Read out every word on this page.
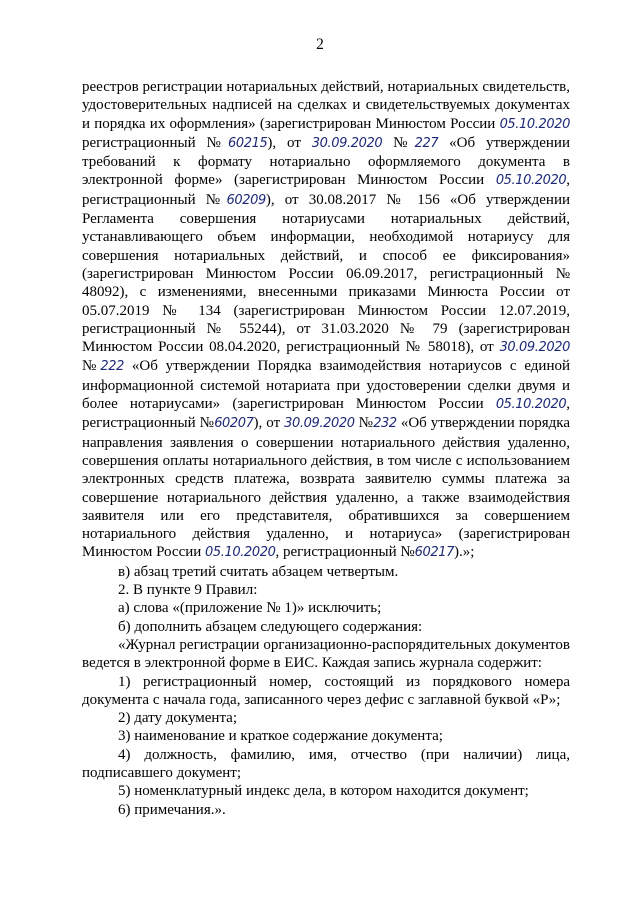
2

реестров регистрации нотариальных действий, нотариальных свидетельств, удостоверительных надписей на сделках и свидетельствуемых документах и порядка их оформления» (зарегистрирован Минюстом России 05.10.2020 регистрационный №60215), от 30.09.2020 №227 «Об утверждении требований к формату нотариально оформляемого документа в электронной форме» (зарегистрирован Минюстом России 05.10.2020, регистрационный №60209), от 30.08.2017 № 156 «Об утверждении Регламента совершения нотариусами нотариальных действий, устанавливающего объем информации, необходимой нотариусу для совершения нотариальных действий, и способ ее фиксирования» (зарегистрирован Минюстом России 06.09.2017, регистрационный № 48092), с изменениями, внесенными приказами Минюста России от 05.07.2019 № 134 (зарегистрирован Минюстом России 12.07.2019, регистрационный № 55244), от 31.03.2020 № 79 (зарегистрирован Минюстом России 08.04.2020, регистрационный № 58018), от 30.09.2020 №222 «Об утверждении Порядка взаимодействия нотариусов с единой информационной системой нотариата при удостоверении сделки двумя и более нотариусами» (зарегистрирован Минюстом России 05.10.2020, регистрационный №60207), от 30.09.2020 №232 «Об утверждении порядка направления заявления о совершении нотариального действия удаленно, совершения оплаты нотариального действия, в том числе с использованием электронных средств платежа, возврата заявителю суммы платежа за совершение нотариального действия удаленно, а также взаимодействия заявителя или его представителя, обратившихся за совершением нотариального действия удаленно, и нотариуса» (зарегистрирован Минюстом России 05.10.2020, регистрационный №60217).»;

в) абзац третий считать абзацем четвертым.

2. В пункте 9 Правил:

а) слова «(приложение № 1)» исключить;

б) дополнить абзацем следующего содержания:

«Журнал регистрации организационно-распорядительных документов ведется в электронной форме в ЕИС. Каждая запись журнала содержит:

1) регистрационный номер, состоящий из порядкового номера документа с начала года, записанного через дефис с заглавной буквой «Р»;

2) дату документа;

3) наименование и краткое содержание документа;

4) должность, фамилию, имя, отчество (при наличии) лица, подписавшего документ;

5) номенклатурный индекс дела, в котором находится документ;

6) примечания.».
